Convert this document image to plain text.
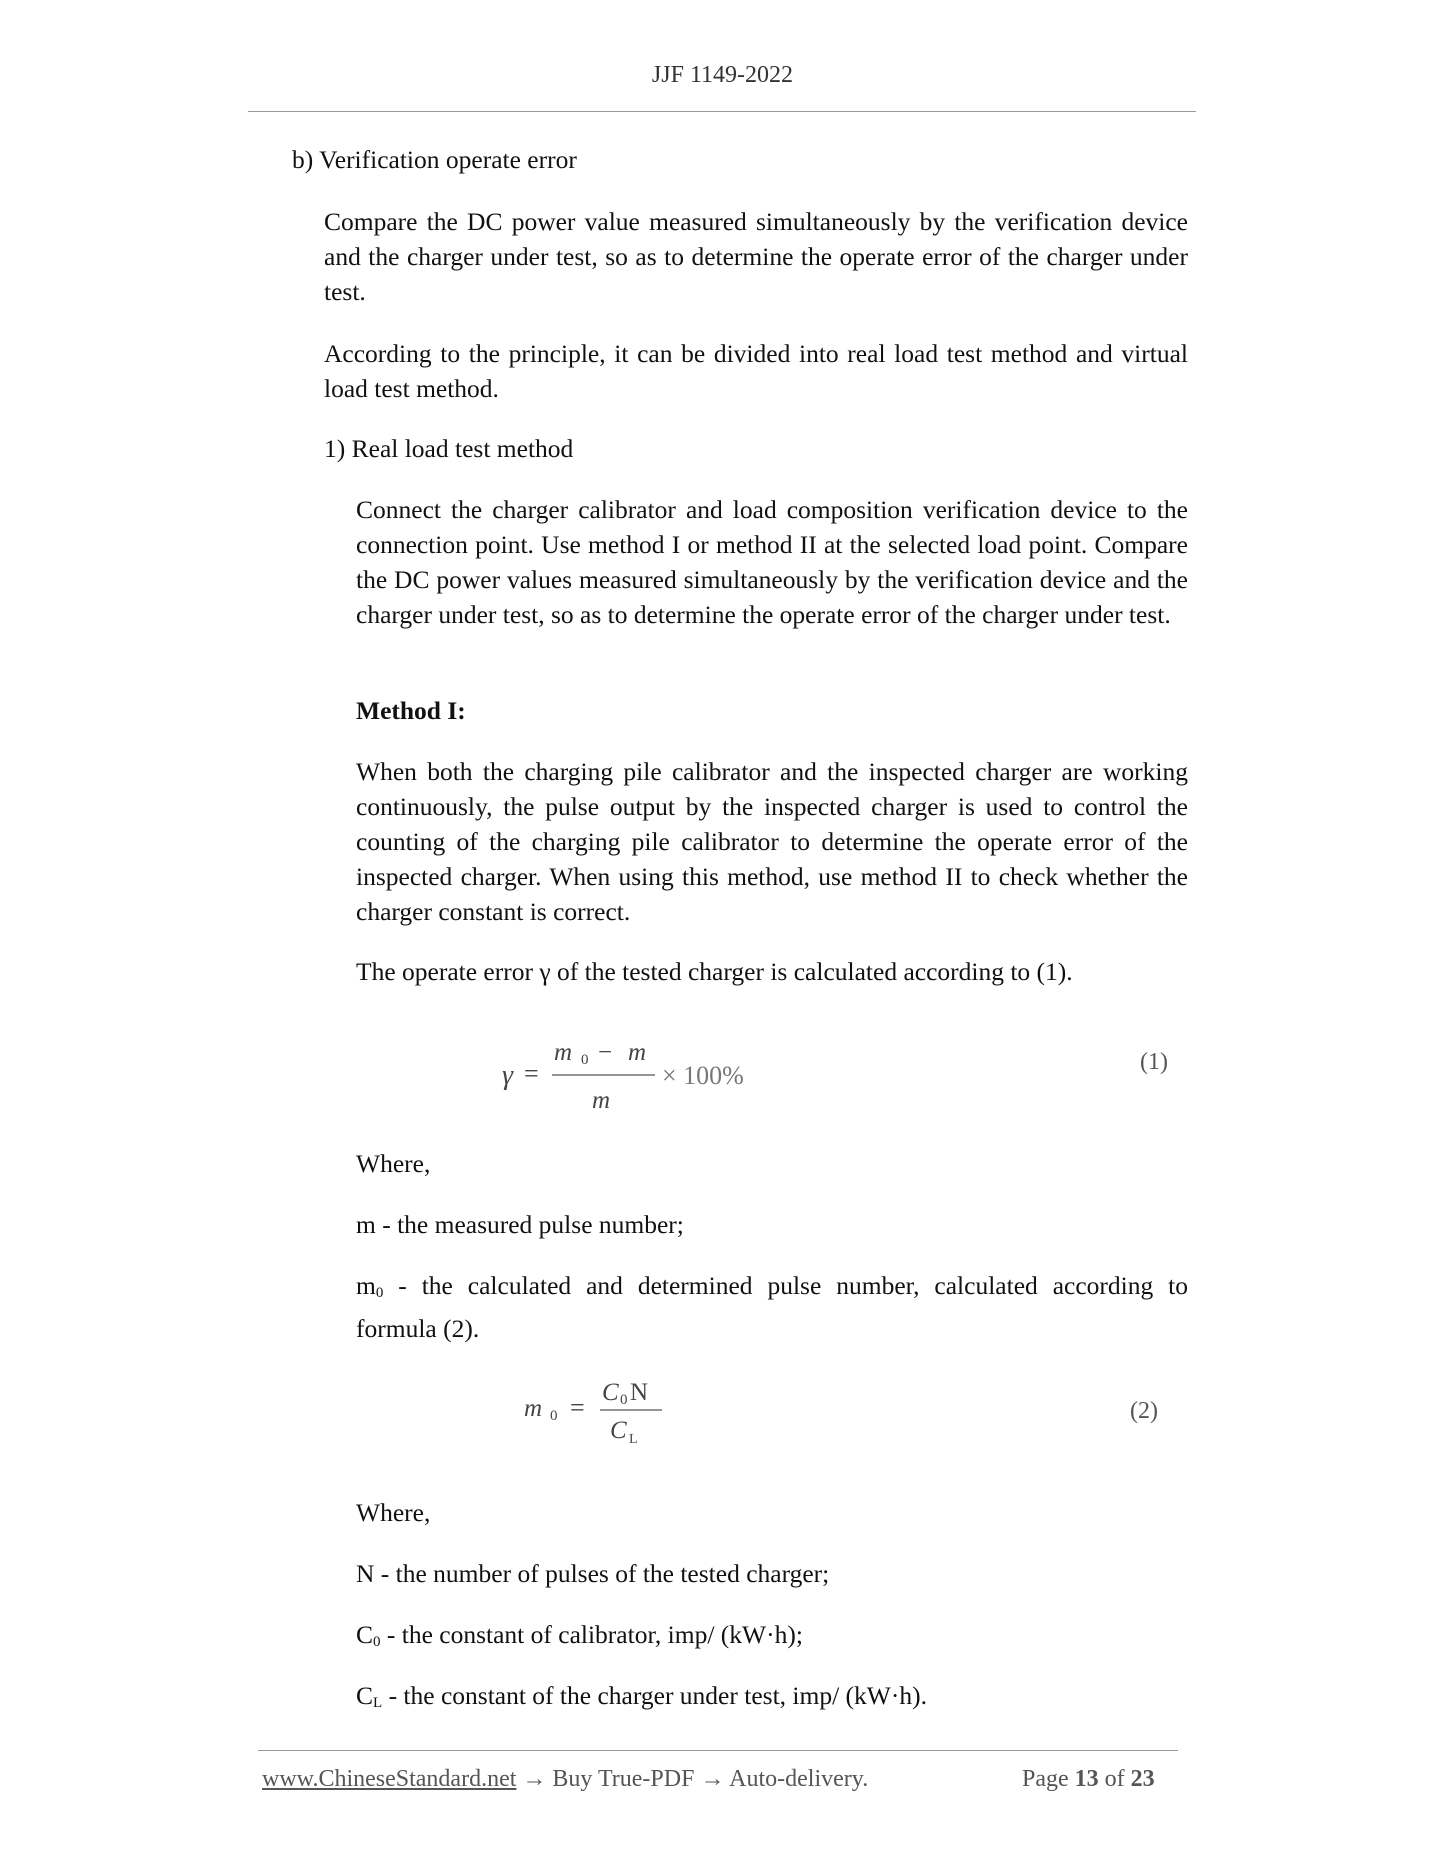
JJF 1149-2022
b) Verification operate error
Compare the DC power value measured simultaneously by the verification device and the charger under test, so as to determine the operate error of the charger under test.
According to the principle, it can be divided into real load test method and virtual load test method.
1) Real load test method
Connect the charger calibrator and load composition verification device to the connection point. Use method I or method II at the selected load point. Compare the DC power values measured simultaneously by the verification device and the charger under test, so as to determine the operate error of the charger under test.
Method I:
When both the charging pile calibrator and the inspected charger are working continuously, the pulse output by the inspected charger is used to control the counting of the charging pile calibrator to determine the operate error of the inspected charger. When using this method, use method II to check whether the charger constant is correct.
The operate error γ of the tested charger is calculated according to (1).
γ =
m 0 − m
m
× 100%	(1)
Where,
m - the measured pulse number;
$m_0$ - the calculated and determined pulse number, calculated according to formula (2).
m 0 =
C 0 N
C L
(2)
Where,
N - the number of pulses of the tested charger;
$C_0$ - the constant of calibrator, imp/ (kW·h);
$C_L$ - the constant of the charger under test, imp/ (kW·h).
www.ChineseStandard.net → Buy True-PDF → Auto-delivery.	Page 13 of 23
